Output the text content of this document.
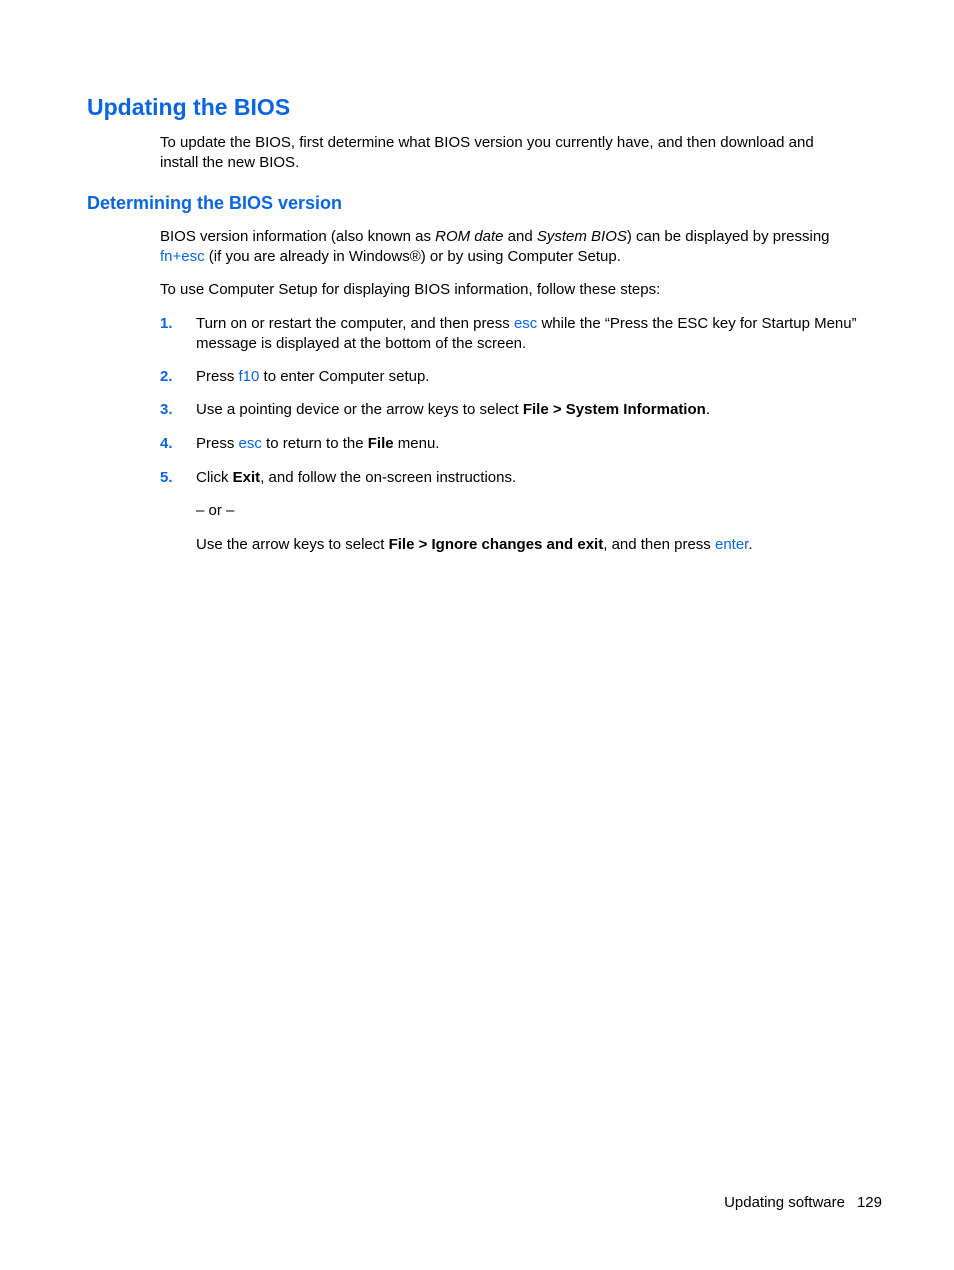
Updating the BIOS

To update the BIOS, first determine what BIOS version you currently have, and then download and
install the new BIOS.

Determining the BIOS version

BIOS version information (also known as ROM date and System BIOS) can be displayed by pressing
fn+esc (if you are already in Windows®) or by using Computer Setup.

To use Computer Setup for displaying BIOS information, follow these steps:

1. Turn on or restart the computer, and then press esc while the “Press the ESC key for Startup Menu”
message is displayed at the bottom of the screen.
2. Press f10 to enter Computer setup.
3. Use a pointing device or the arrow keys to select File > System Information.
4. Press esc to return to the File menu.
5. Click Exit, and follow the on-screen instructions.

– or –

Use the arrow keys to select File > Ignore changes and exit, and then press enter.

Updating software 129
